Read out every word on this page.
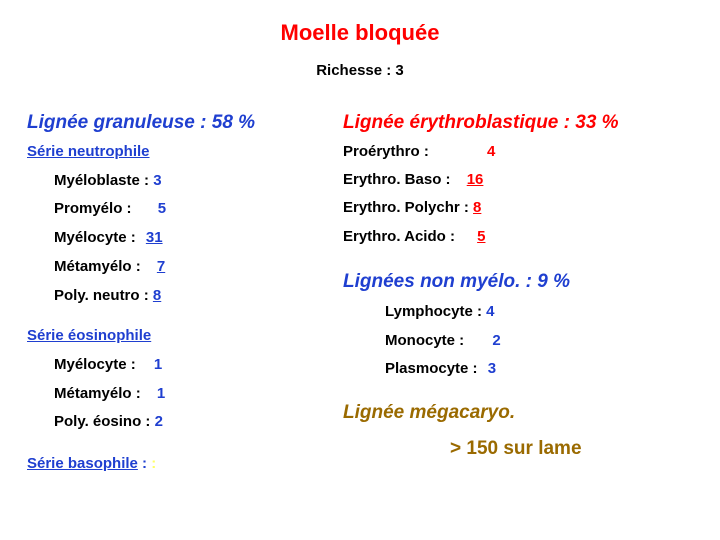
Moelle bloquée
Richesse : 3
Lignée granuleuse : 58 %
Série neutrophile
Myéloblaste : 3
Promyélo : 5
Myélocyte : 31
Métamyélo : 7
Poly. neutro : 8
Série éosinophile
Myélocyte : 1
Métamyélo : 1
Poly. éosino : 2
Série basophile : :
Lignée érythroblastique : 33 %
Proérythro :	4
Erythro. Baso : 16
Erythro. Polychr : 8
Erythro. Acido : 5
Lignées non myélo. : 9 %
Lymphocyte : 4
Monocyte : 2
Plasmocyte : 3
Lignée mégacaryo.
> 150 sur lame
